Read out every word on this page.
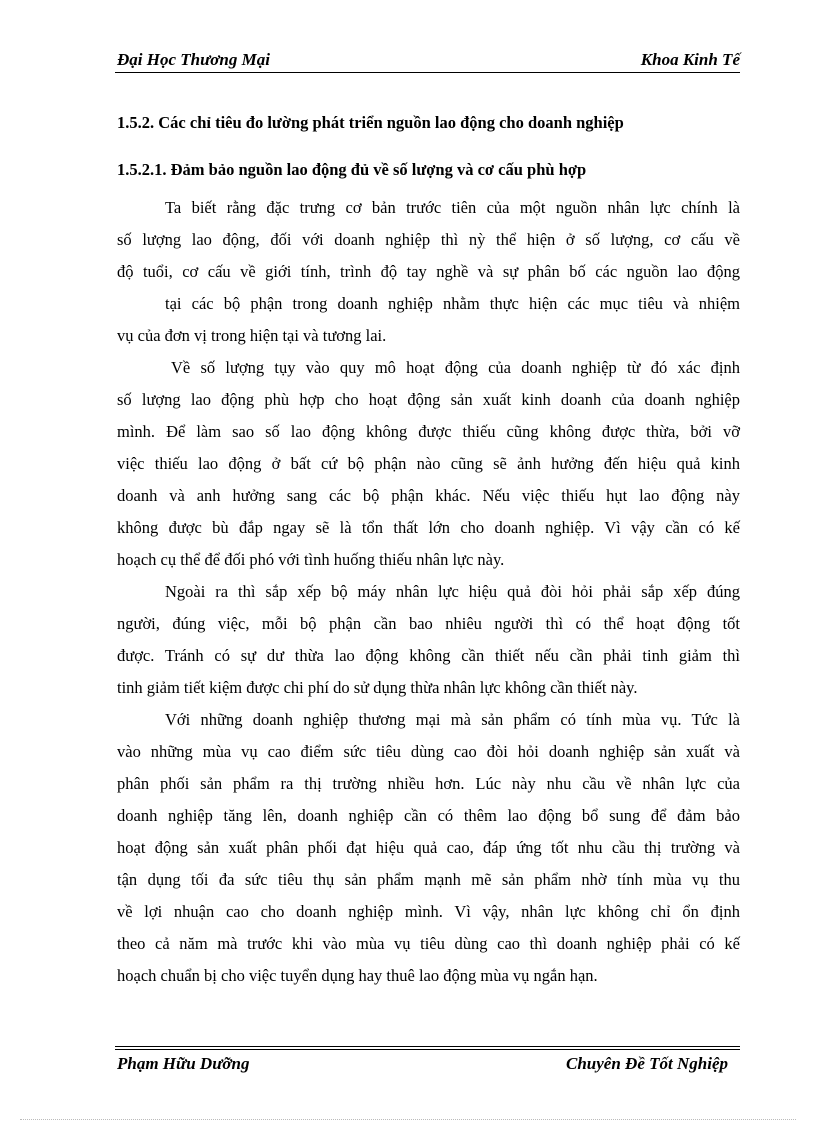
Đại Học Thương Mại	Khoa Kinh Tế
1.5.2. Các chỉ tiêu đo lường phát triển nguồn lao động cho doanh nghiệp
1.5.2.1. Đảm bảo nguồn lao động đủ về số lượng và cơ cấu phù hợp
Ta biết rằng đặc trưng cơ bản trước tiên của một nguồn nhân lực chính là
số lượng lao động, đối với doanh nghiệp thì nỳ thể hiện ở số lượng, cơ cấu về
độ tuổi, cơ cấu về giới tính, trình độ tay nghề và sự phân bố các nguồn lao động
tại các bộ phận trong doanh nghiệp nhằm thực hiện các mục tiêu và nhiệm
vụ của đơn vị trong hiện tại và tương lai.
Về số lượng tụy vào quy mô hoạt động của doanh nghiệp từ đó xác định
số lượng lao động phù hợp cho hoạt động sản xuất kinh doanh của doanh nghiệp
mình. Để làm sao số lao động không được thiếu cũng không được thừa, bởi vỡ
việc thiếu lao động ở bất cứ bộ phận nào cũng sẽ ảnh hưởng đến hiệu quả kinh
doanh và anh hưởng sang các bộ phận khác. Nếu việc thiếu hụt lao động này
không được bù đắp ngay sẽ là tổn thất lớn cho doanh nghiệp. Vì vậy cần có kế
hoạch cụ thể để đối phó với tình huống thiếu nhân lực này.
Ngoài ra thì sắp xếp bộ máy nhân lực hiệu quả đòi hỏi phải sắp xếp đúng
người, đúng việc, mỗi bộ phận cần bao nhiêu người thì có thể hoạt động tốt
được. Tránh có sự dư thừa lao động không cần thiết nếu cần phải tinh giảm thì
tinh giảm tiết kiệm được chi phí do sử dụng thừa nhân lực không cần thiết này.
Với những doanh nghiệp thương mại mà sản phẩm có tính mùa vụ. Tức là
vào những mùa vụ cao điểm sức tiêu dùng cao đòi hỏi doanh nghiệp sản xuất và
phân phối sản phẩm ra thị trường nhiều hơn. Lúc này nhu cầu về nhân lực của
doanh nghiệp tăng lên, doanh nghiệp cần có thêm lao động bổ sung để đảm bảo
hoạt động sản xuất phân phối đạt hiệu quả cao, đáp ứng tốt nhu cầu thị trường và
tận dụng tối đa sức tiêu thụ sản phẩm mạnh mẽ sản phẩm nhờ tính mùa vụ thu
về lợi nhuận cao cho doanh nghiệp mình. Vì vậy, nhân lực không chỉ ổn định
theo cả năm mà trước khi vào mùa vụ tiêu dùng cao thì doanh nghiệp phải có kế
hoạch chuẩn bị cho việc tuyển dụng hay thuê lao động mùa vụ ngắn hạn.
Phạm Hữu Dưỡng	Chuyên Đề Tốt Nghiệp
